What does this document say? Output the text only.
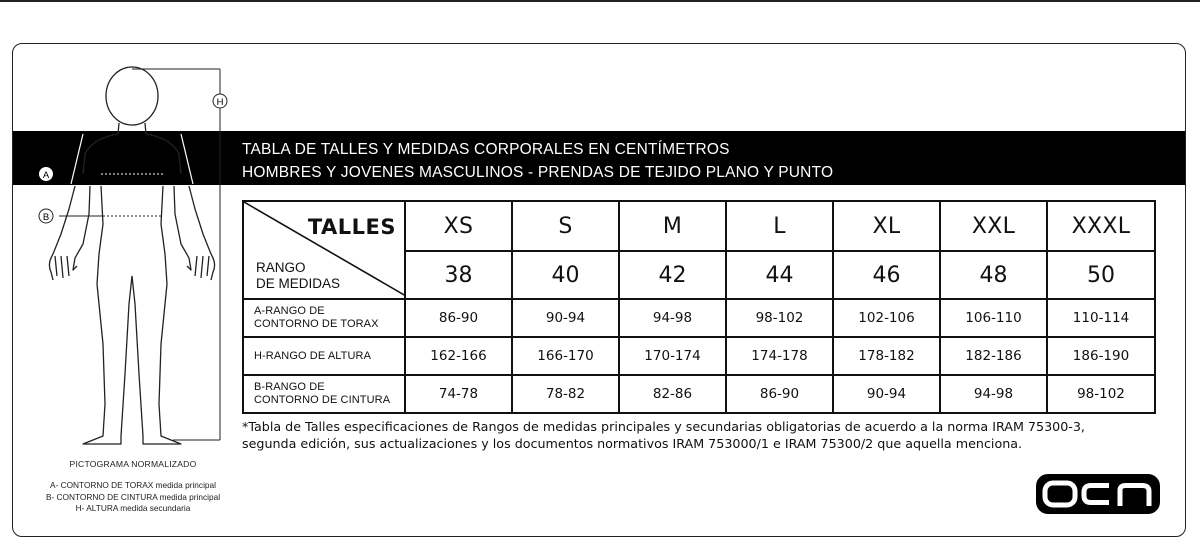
TABLA DE TALLES Y MEDIDAS CORPORALES EN CENTÍMETROS
HOMBRES Y JOVENES MASCULINOS - PRENDAS DE TEJIDO PLANO Y PUNTO
A
B
H
PICTOGRAMA NORMALIZADO
A- CONTORNO DE TORAX medida principal
B- CONTORNO DE CINTURA medida principal
H- ALTURA medida secundaria
TALLES
RANGO
DE MEDIDAS	XS	S	M	L	XL	XXL	XXXL
	38	40	42	44	46	48	50

A-RANGO DE
CONTORNO DE TORAX	86-90	90-94	94-98	98-102	102-106	106-110	110-114

H-RANGO DE ALTURA	162-166	166-170	170-174	174-178	178-182	182-186	186-190

B-RANGO DE
CONTORNO DE CINTURA	74-78	78-82	82-86	86-90	90-94	94-98	98-102
*Tabla de Talles especificaciones de Rangos de medidas principales y secundarias obligatorias de acuerdo a la norma IRAM 75300-3,
segunda edición, sus actualizaciones y los documentos normativos IRAM 753000/1 e IRAM 75300/2 que aquella menciona.
ocn
